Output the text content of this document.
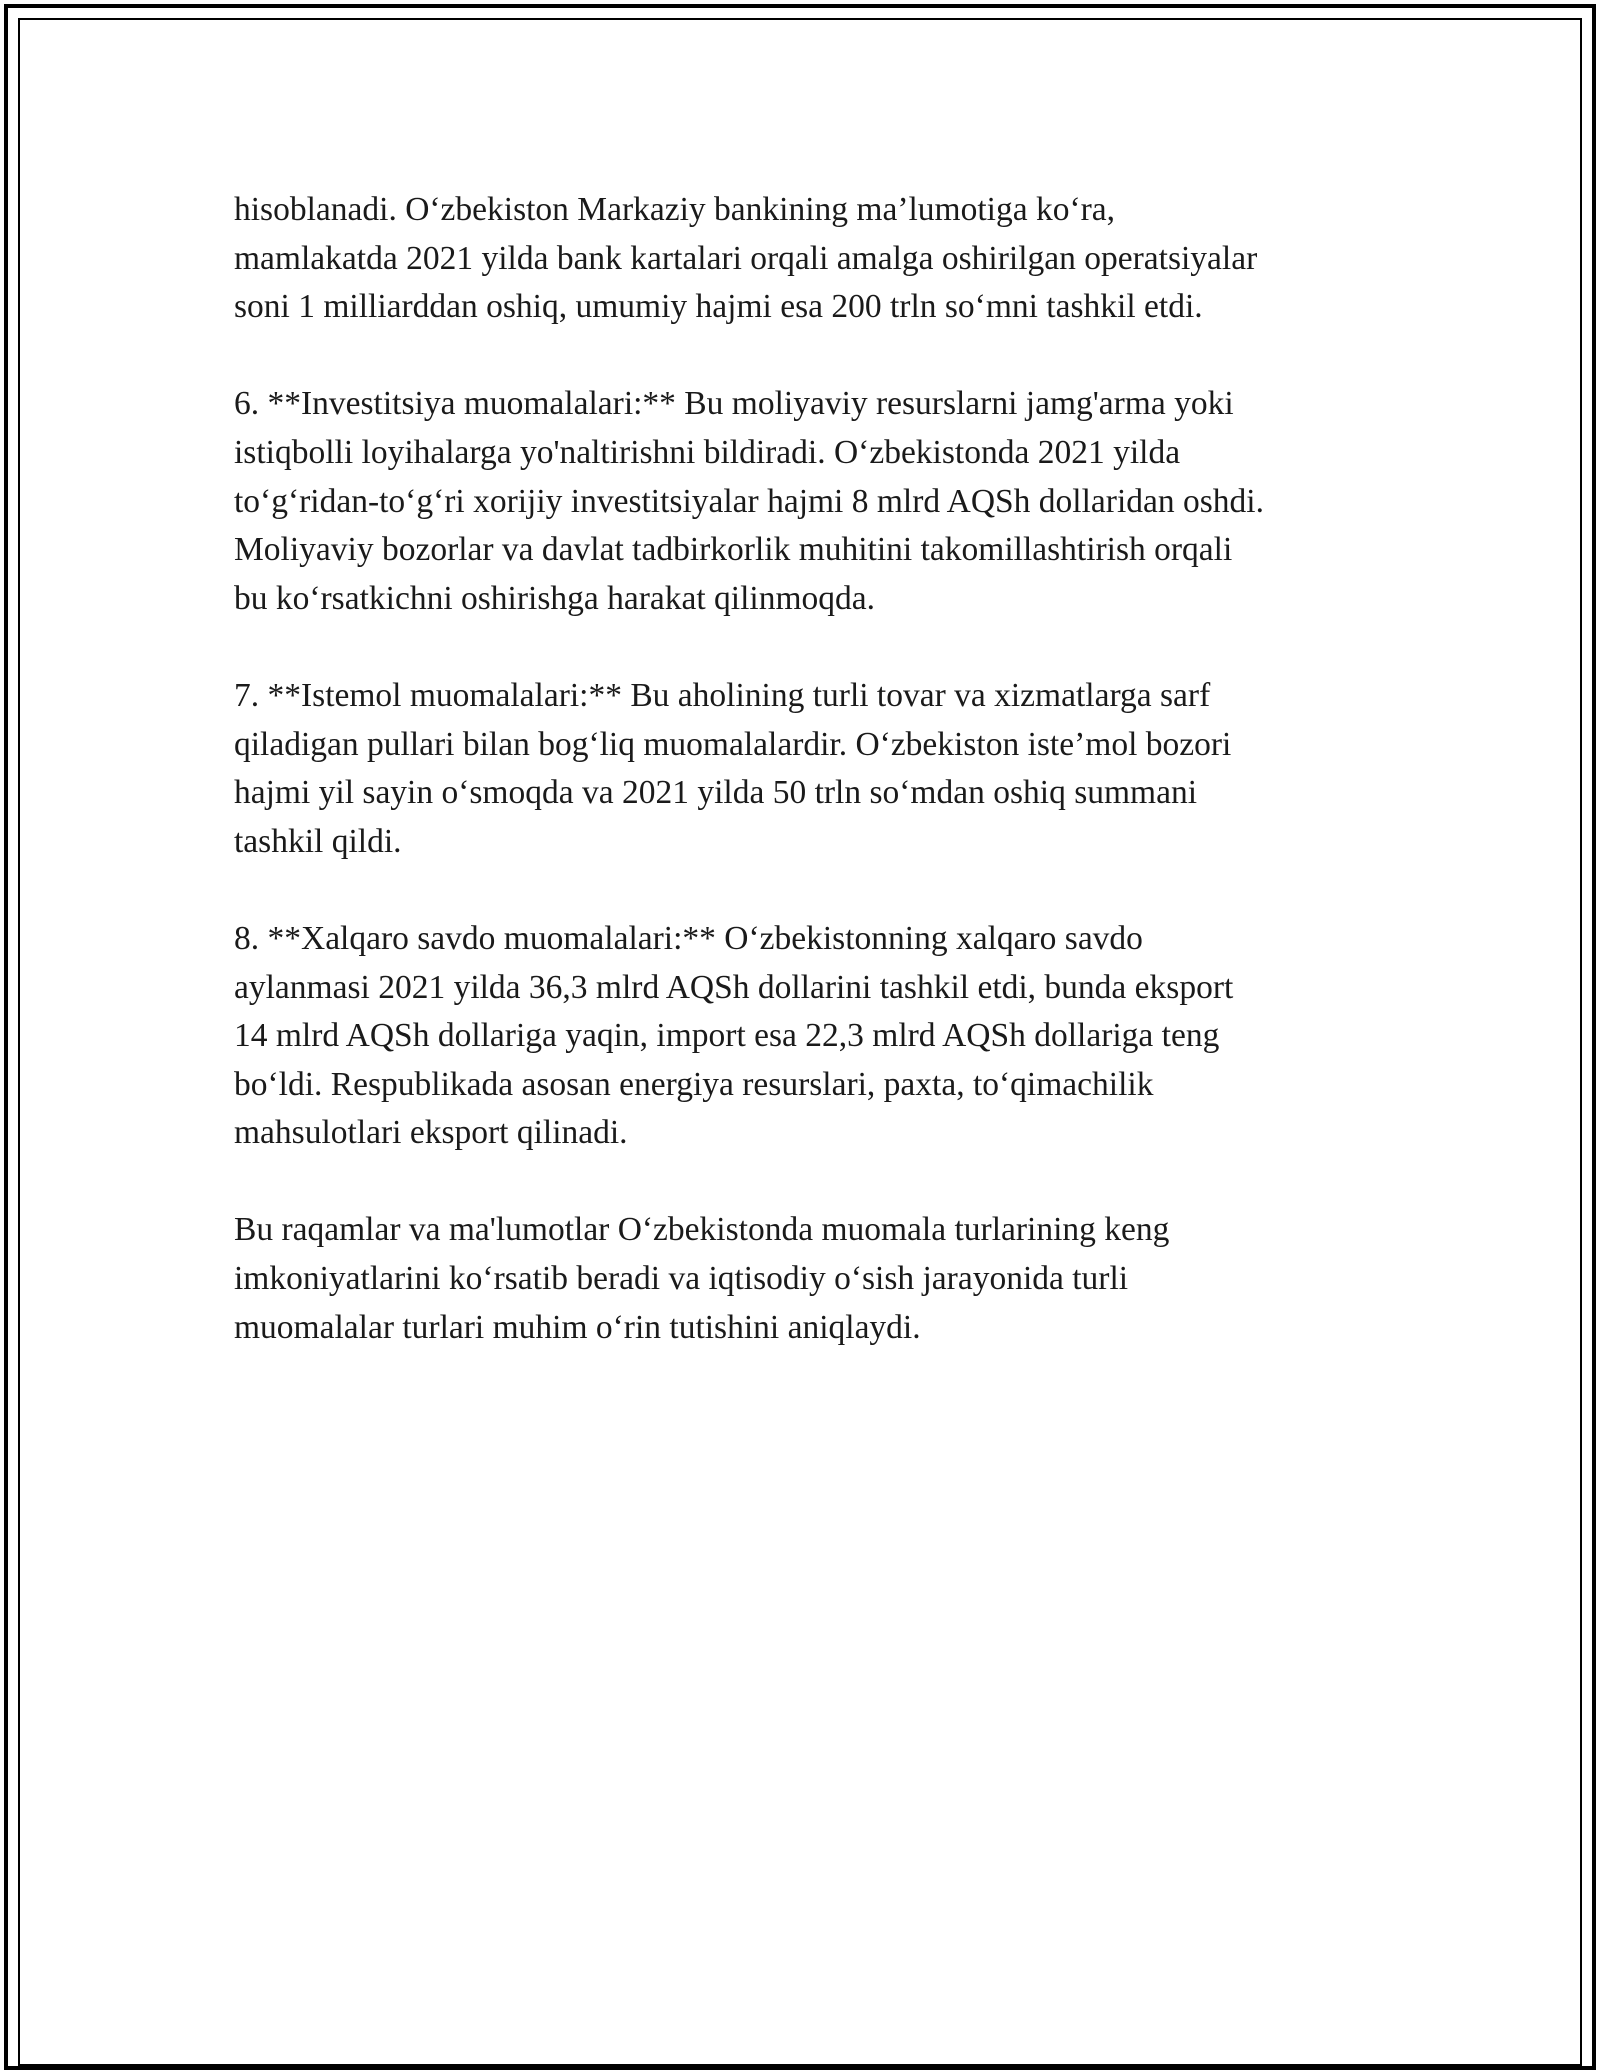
hisoblanadi. O‘zbekiston Markaziy bankining ma’lumotiga ko‘ra,
mamlakatda 2021 yilda bank kartalari orqali amalga oshirilgan operatsiyalar
soni 1 milliarddan oshiq, umumiy hajmi esa 200 trln so‘mni tashkil etdi.

6. **Investitsiya muomalalari:** Bu moliyaviy resurslarni jamg'arma yoki
istiqbolli loyihalarga yo'naltirishni bildiradi. O‘zbekistonda 2021 yilda
to‘g‘ridan-to‘g‘ri xorijiy investitsiyalar hajmi 8 mlrd AQSh dollaridan oshdi.
Moliyaviy bozorlar va davlat tadbirkorlik muhitini takomillashtirish orqali
bu ko‘rsatkichni oshirishga harakat qilinmoqda.

7. **Istemol muomalalari:** Bu aholining turli tovar va xizmatlarga sarf
qiladigan pullari bilan bog‘liq muomalalardir. O‘zbekiston iste’mol bozori
hajmi yil sayin o‘smoqda va 2021 yilda 50 trln so‘mdan oshiq summani
tashkil qildi.

8. **Xalqaro savdo muomalalari:** O‘zbekistonning xalqaro savdo
aylanmasi 2021 yilda 36,3 mlrd AQSh dollarini tashkil etdi, bunda eksport
14 mlrd AQSh dollariga yaqin, import esa 22,3 mlrd AQSh dollariga teng
bo‘ldi. Respublikada asosan energiya resurslari, paxta, to‘qimachilik
mahsulotlari eksport qilinadi.

Bu raqamlar va ma'lumotlar O‘zbekistonda muomala turlarining keng
imkoniyatlarini ko‘rsatib beradi va iqtisodiy o‘sish jarayonida turli
muomalalar turlari muhim o‘rin tutishini aniqlaydi.
